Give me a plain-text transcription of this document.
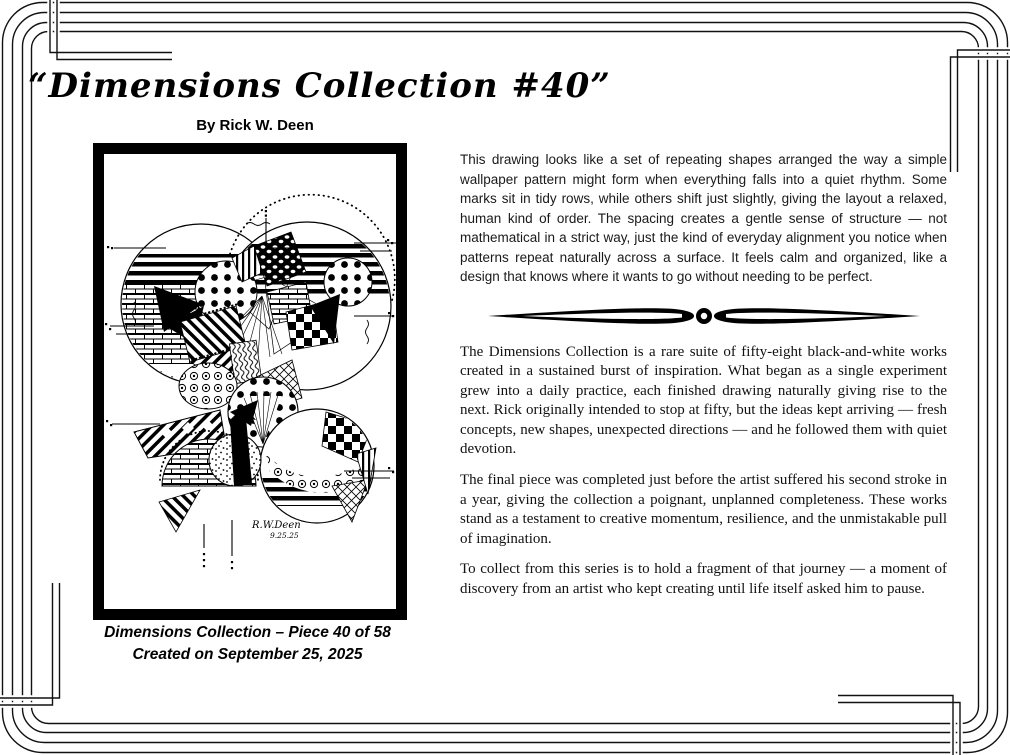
“Dimensions Collection #40”
By Rick W. Deen
R.W.Deen
9.25.25
Dimensions Collection – Piece 40 of 58
Created on September 25, 2025

This drawing looks like a set of repeating shapes arranged the way a simple wallpaper pattern might form when everything falls into a quiet rhythm. Some marks sit in tidy rows, while others shift just slightly, giving the layout a relaxed, human kind of order. The spacing creates a gentle sense of structure — not mathematical in a strict way, just the kind of everyday alignment you notice when patterns repeat naturally across a surface. It feels calm and organized, like a design that knows where it wants to go without needing to be perfect.

The Dimensions Collection is a rare suite of fifty-eight black-and-white works created in a sustained burst of inspiration. What began as a single experiment grew into a daily practice, each finished drawing naturally giving rise to the next. Rick originally intended to stop at fifty, but the ideas kept arriving — fresh concepts, new shapes, unexpected directions — and he followed them with quiet devotion.

The final piece was completed just before the artist suffered his second stroke in a year, giving the collection a poignant, unplanned completeness. These works stand as a testament to creative momentum, resilience, and the unmistakable pull of imagination.

To collect from this series is to hold a fragment of that journey — a moment of discovery from an artist who kept creating until life itself asked him to pause.
